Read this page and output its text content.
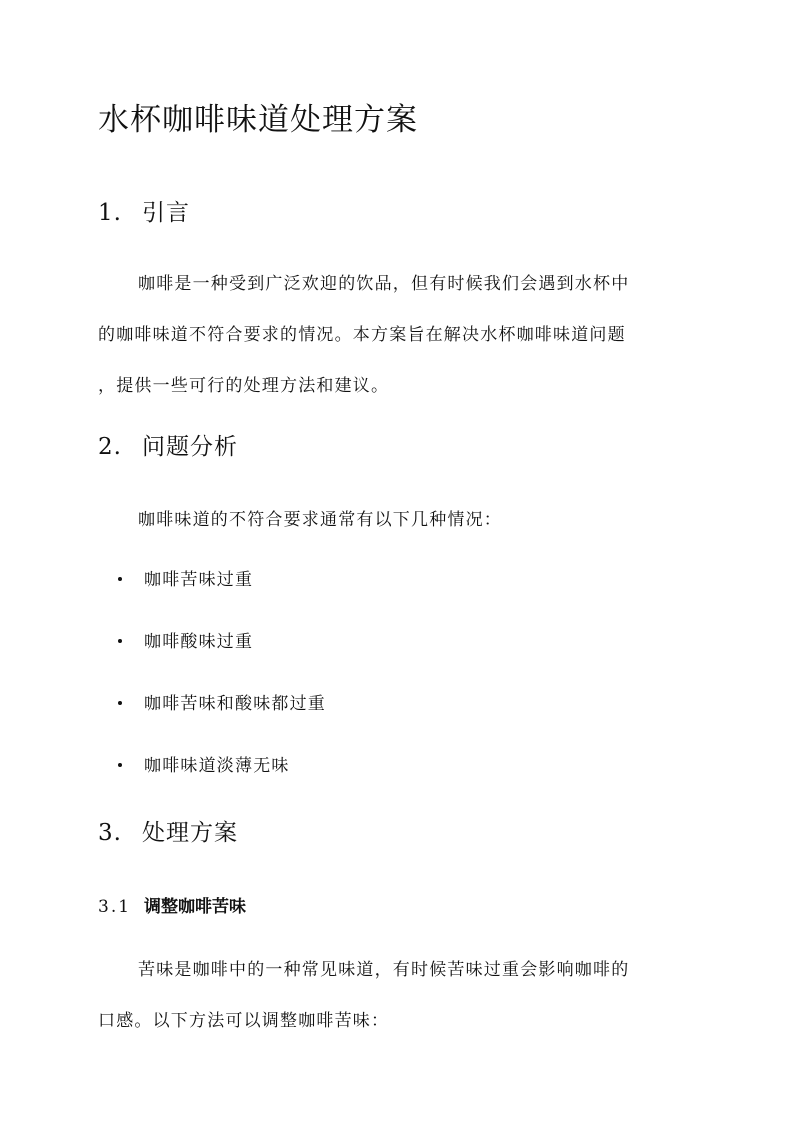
水杯咖啡味道处理方案
1. 引言
咖啡是一种受到广泛欢迎的饮品，但有时候我们会遇到水杯中
的咖啡味道不符合要求的情况。本方案旨在解决水杯咖啡味道问题
，提供一些可行的处理方法和建议。
2. 问题分析
咖啡味道的不符合要求通常有以下几种情况：
咖啡苦味过重
咖啡酸味过重
咖啡苦味和酸味都过重
咖啡味道淡薄无味
3. 处理方案
3.1 调整咖啡苦味
苦味是咖啡中的一种常见味道，有时候苦味过重会影响咖啡的
口感。以下方法可以调整咖啡苦味：
